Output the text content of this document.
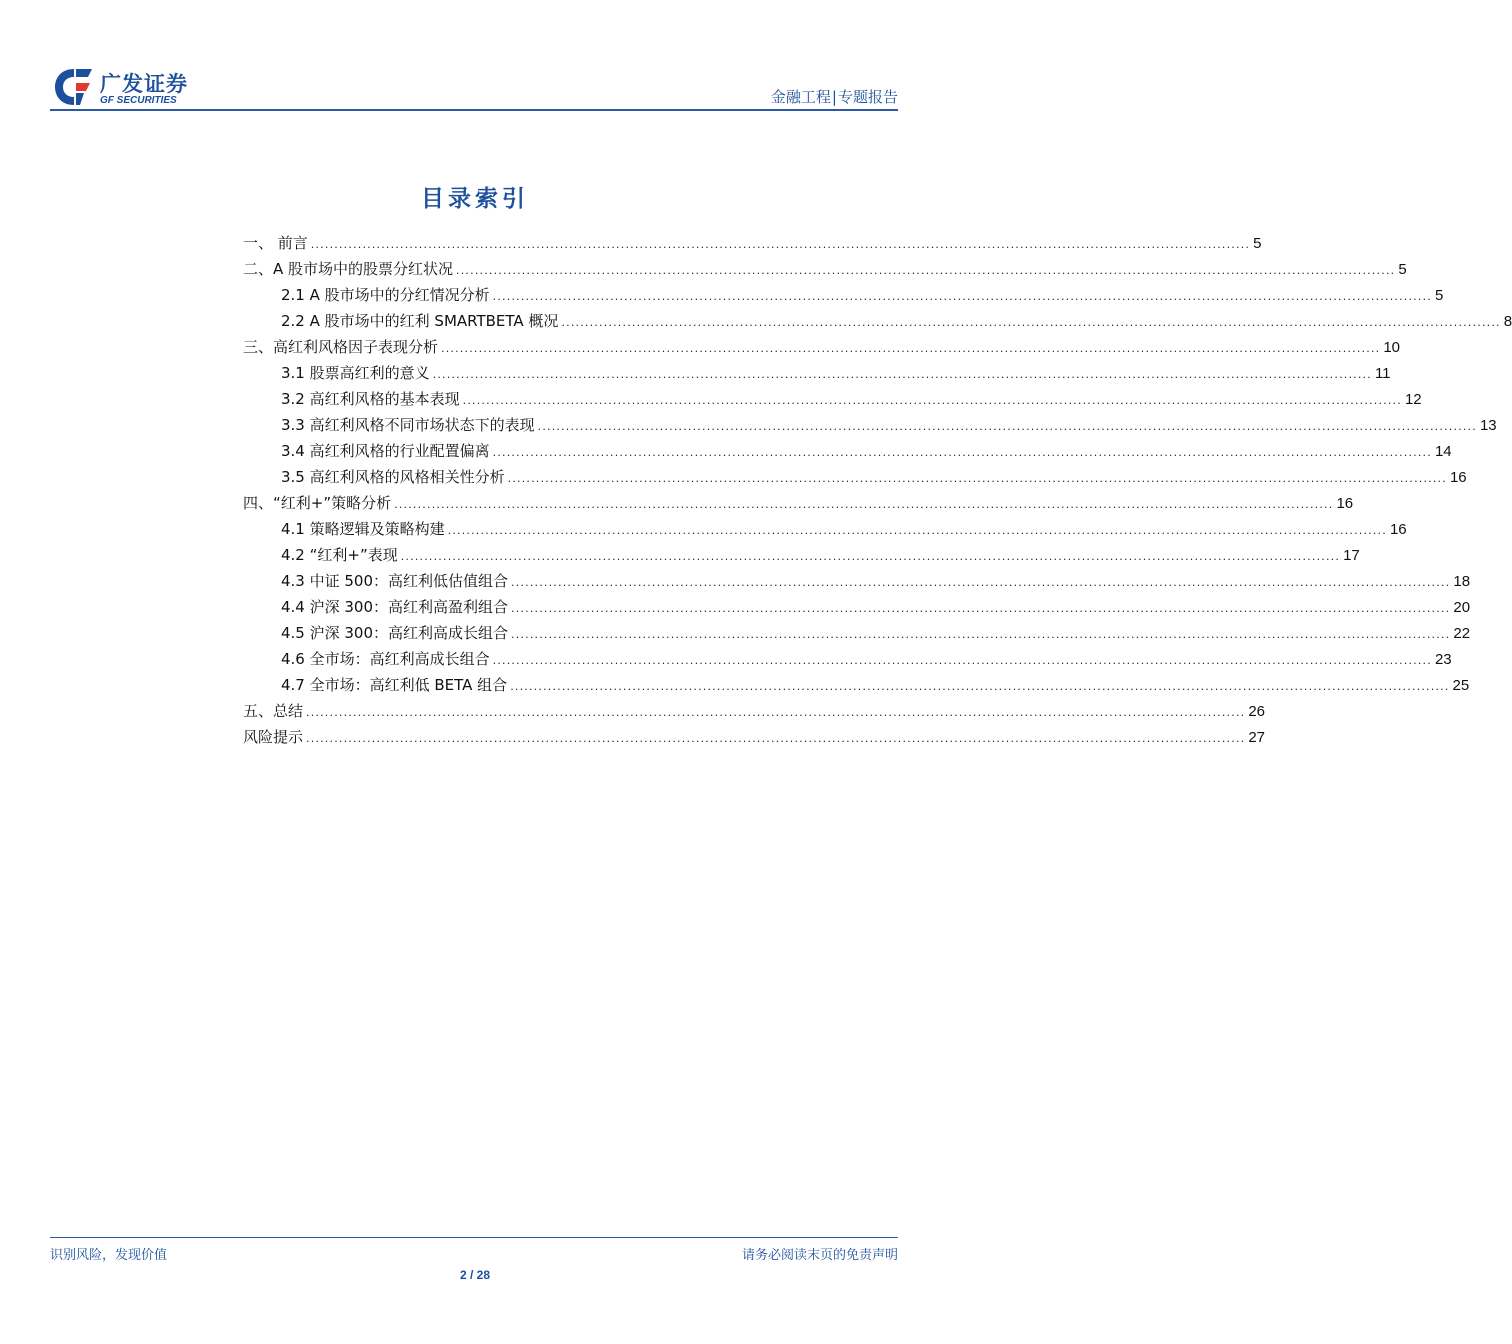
广发证券
GF SECURITIES	金融工程|专题报告
目录索引
一、 前言 ........................................................................................................................................................................................................ 5
二、A 股市场中的股票分红状况 ........................................................................................................................................................................................................ 5
2.1 A 股市场中的分红情况分析 ........................................................................................................................................................................................................ 5
2.2 A 股市场中的红利 SMARTBETA 概况 ........................................................................................................................................................................................................ 8
三、高红利风格因子表现分析 ........................................................................................................................................................................................................ 10
3.1 股票高红利的意义 ........................................................................................................................................................................................................ 11
3.2 高红利风格的基本表现 ........................................................................................................................................................................................................ 12
3.3 高红利风格不同市场状态下的表现 ........................................................................................................................................................................................................ 13
3.4 高红利风格的行业配置偏离 ........................................................................................................................................................................................................ 14
3.5 高红利风格的风格相关性分析 ........................................................................................................................................................................................................ 16
四、“红利+”策略分析 ........................................................................................................................................................................................................ 16
4.1 策略逻辑及策略构建 ........................................................................................................................................................................................................ 16
4.2 “红利+”表现 ........................................................................................................................................................................................................ 17
4.3 中证 500：高红利低估值组合 ........................................................................................................................................................................................................ 18
4.4 沪深 300：高红利高盈利组合 ........................................................................................................................................................................................................ 20
4.5 沪深 300：高红利高成长组合 ........................................................................................................................................................................................................ 22
4.6 全市场：高红利高成长组合 ........................................................................................................................................................................................................ 23
4.7 全市场：高红利低 BETA 组合 ........................................................................................................................................................................................................ 25
五、总结 ........................................................................................................................................................................................................ 26
风险提示 ........................................................................................................................................................................................................ 27
识别风险，发现价值	请务必阅读末页的免责声明
2 / 28
